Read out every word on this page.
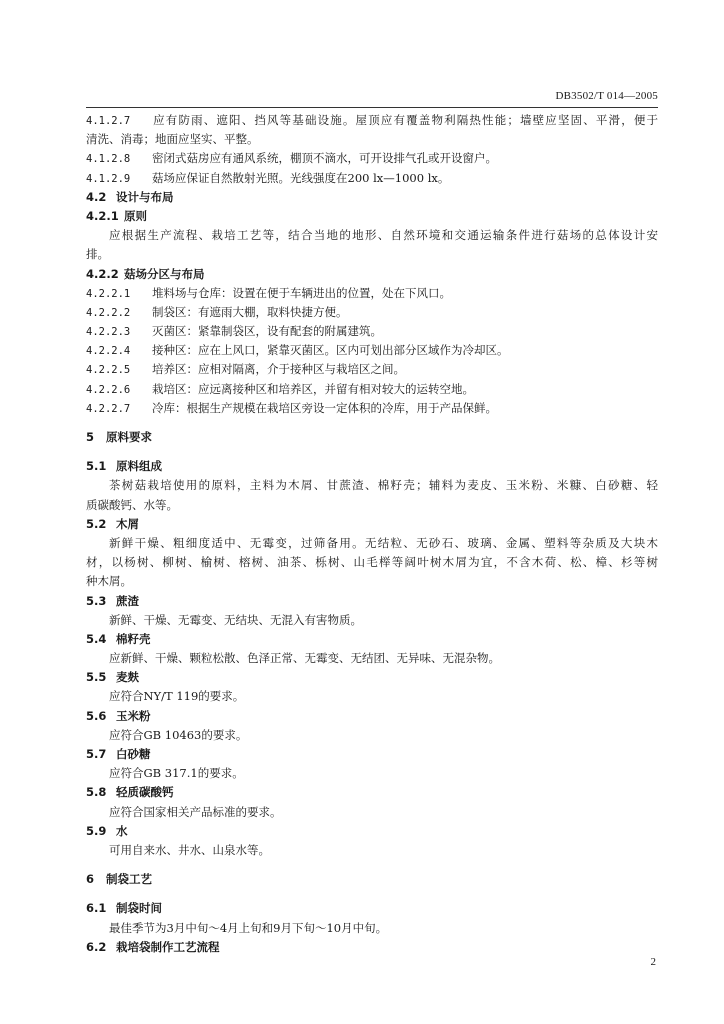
DB3502/T 014—2005
4.1.2.7 应有防雨、遮阳、挡风等基础设施。屋顶应有覆盖物利隔热性能；墙壁应坚固、平滑，便于
清洗、消毒；地面应坚实、平整。
4.1.2.8 密闭式菇房应有通风系统，棚顶不滴水，可开设排气孔或开设窗户。
4.1.2.9 菇场应保证自然散射光照。光线强度在200 lx—1000 lx。
4.2 设计与布局
4.2.1 原则
应根据生产流程、栽培工艺等，结合当地的地形、自然环境和交通运输条件进行菇场的总体设计安
排。
4.2.2 菇场分区与布局
4.2.2.1 堆料场与仓库：设置在便于车辆进出的位置，处在下风口。
4.2.2.2 制袋区：有遮雨大棚，取料快捷方便。
4.2.2.3 灭菌区：紧靠制袋区，设有配套的附属建筑。
4.2.2.4 接种区：应在上风口，紧靠灭菌区。区内可划出部分区域作为冷却区。
4.2.2.5 培养区：应相对隔离，介于接种区与栽培区之间。
4.2.2.6 栽培区：应远离接种区和培养区，并留有相对较大的运转空地。
4.2.2.7 冷库：根据生产规模在栽培区旁设一定体积的冷库，用于产品保鲜。
5 原料要求
5.1 原料组成
茶树菇栽培使用的原料，主料为木屑、甘蔗渣、棉籽壳；辅料为麦皮、玉米粉、米糠、白砂糖、轻
质碳酸钙、水等。
5.2 木屑
新鲜干燥、粗细度适中、无霉变，过筛备用。无结粒、无砂石、玻璃、金属、塑料等杂质及大块木
材，以杨树、柳树、榆树、榕树、油茶、栎树、山毛榉等阔叶树木屑为宜，不含木荷、松、樟、杉等树
种木屑。
5.3 蔗渣
新鲜、干燥、无霉变、无结块、无混入有害物质。
5.4 棉籽壳
应新鲜、干燥、颗粒松散、色泽正常、无霉变、无结团、无异味、无混杂物。
5.5 麦麸
应符合NY/T 119的要求。
5.6 玉米粉
应符合GB 10463的要求。
5.7 白砂糖
应符合GB 317.1的要求。
5.8 轻质碳酸钙
应符合国家相关产品标准的要求。
5.9 水
可用自来水、井水、山泉水等。
6 制袋工艺
6.1 制袋时间
最佳季节为3月中旬～4月上旬和9月下旬～10月中旬。
6.2 栽培袋制作工艺流程
2
